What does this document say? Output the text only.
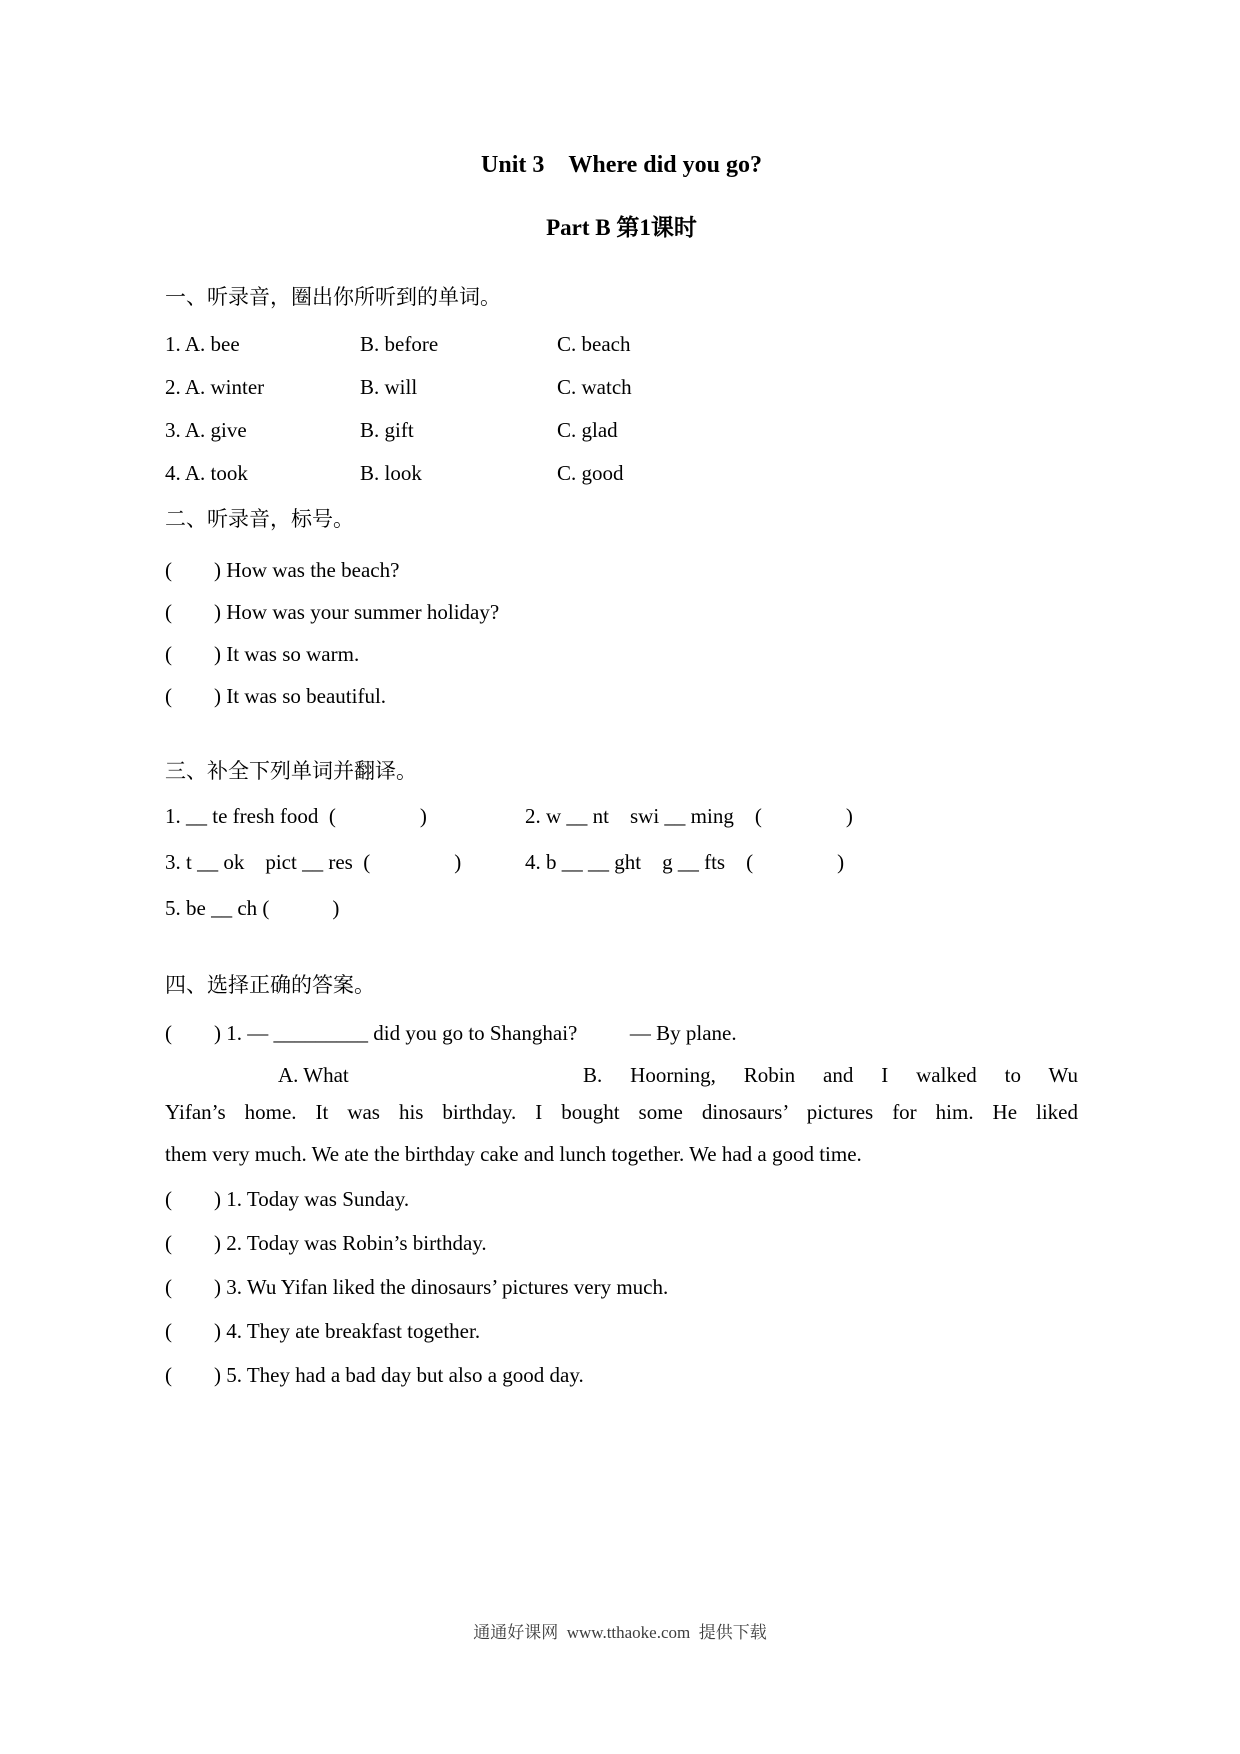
Unit 3 Where did you go?
Part B 第1课时
一、听录音，圈出你所听到的单词。
1. A. bee	B. before	C. beach
2. A. winter	B. will	C. watch
3. A. give	B. gift	C. glad
4. A. took	B. look	C. good
二、听录音，标号。
(  ) How was the beach?
(  ) How was your summer holiday?
(  ) It was so warm.
(  ) It was so beautiful.
三、补全下列单词并翻译。
1. __ te fresh food (    )	2. w __ nt swi __ ming (    )
3. t __ ok pict __ res (    )	4. b __ __ ght g __ fts (    )
5. be __ ch (   )
四、选择正确的答案。
(  ) 1. — _________ did you go to Shanghai?   — By plane.
A. What	B. Hoorning, Robin and I walked to Wu
Yifan’s home. It was his birthday. I bought some dinosaurs’ pictures for him. He liked
them very much. We ate the birthday cake and lunch together. We had a good time.
(  ) 1. Today was Sunday.
(  ) 2. Today was Robin’s birthday.
(  ) 3. Wu Yifan liked the dinosaurs’ pictures very much.
(  ) 4. They ate breakfast together.
(  ) 5. They had a bad day but also a good day.
通通好课网  www.tthaoke.com  提供下载
